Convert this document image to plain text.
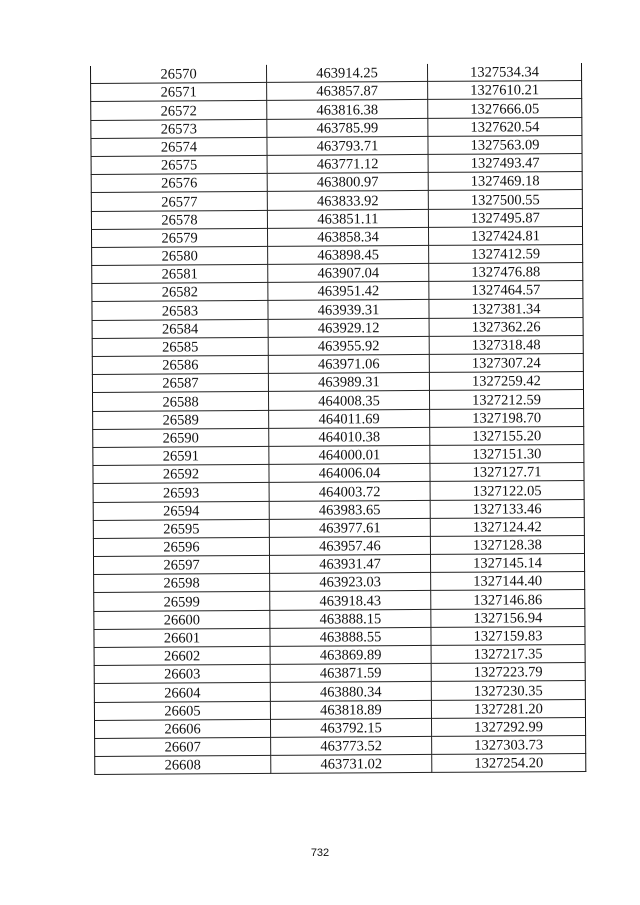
26570	463914.25	1327534.34
26571	463857.87	1327610.21
26572	463816.38	1327666.05
26573	463785.99	1327620.54
26574	463793.71	1327563.09
26575	463771.12	1327493.47
26576	463800.97	1327469.18
26577	463833.92	1327500.55
26578	463851.11	1327495.87
26579	463858.34	1327424.81
26580	463898.45	1327412.59
26581	463907.04	1327476.88
26582	463951.42	1327464.57
26583	463939.31	1327381.34
26584	463929.12	1327362.26
26585	463955.92	1327318.48
26586	463971.06	1327307.24
26587	463989.31	1327259.42
26588	464008.35	1327212.59
26589	464011.69	1327198.70
26590	464010.38	1327155.20
26591	464000.01	1327151.30
26592	464006.04	1327127.71
26593	464003.72	1327122.05
26594	463983.65	1327133.46
26595	463977.61	1327124.42
26596	463957.46	1327128.38
26597	463931.47	1327145.14
26598	463923.03	1327144.40
26599	463918.43	1327146.86
26600	463888.15	1327156.94
26601	463888.55	1327159.83
26602	463869.89	1327217.35
26603	463871.59	1327223.79
26604	463880.34	1327230.35
26605	463818.89	1327281.20
26606	463792.15	1327292.99
26607	463773.52	1327303.73
26608	463731.02	1327254.20
732
